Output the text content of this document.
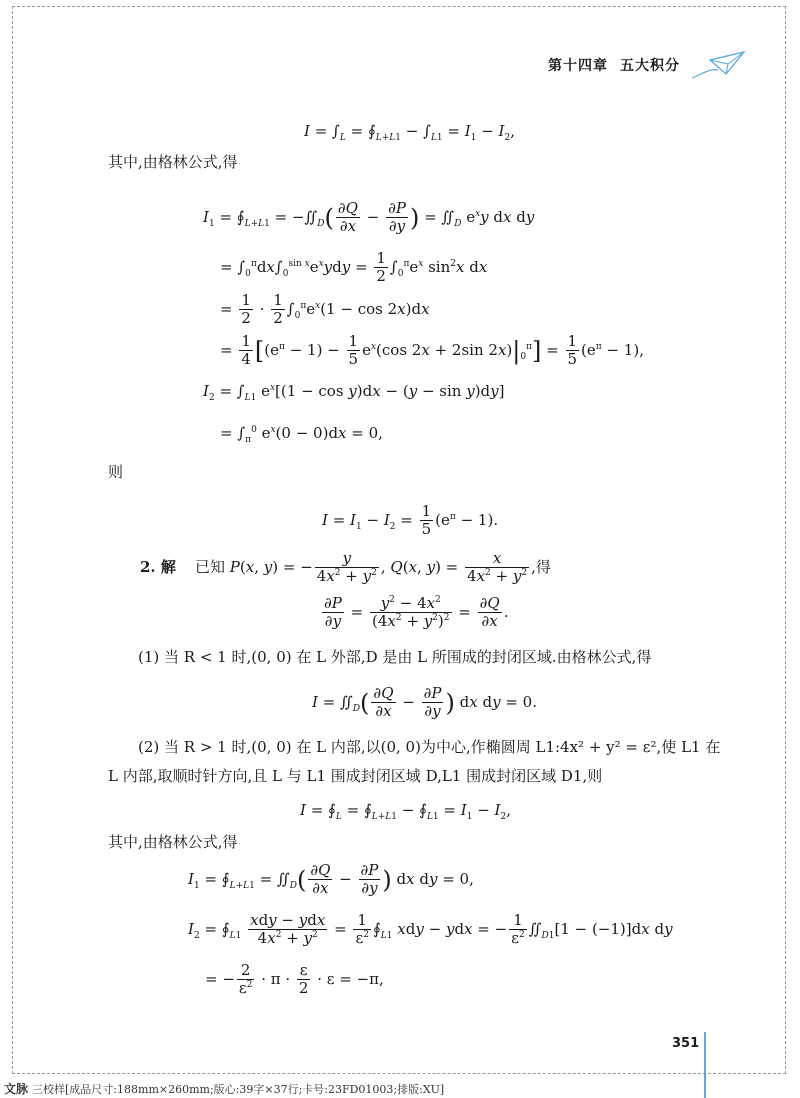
第十四章 五大积分
$I = \int_L$ = $∮_{L+L1} - \int_{L1} = I_1 - I_2$,
其中,由格林公式,得
$I_1$ = $∮_{L+L1}$ = $-∬_D( \frac{\partial Q}{\partial x} - \frac{\partial P}{\partial y}$ ) = $∬_D$ $e^xy$ dx dy
= $\int_0^\pi dx\int_0^{sin x}e^xydy = \frac{1}{2} \int_0^\pi e^x$ $\sin^2x$ dx
= $\frac{1}{2} \cdot \frac{1}{2} \int_0^\pi e^x(1 - \cos 2x)dx$
= $\frac{1}{4} [(e^\pi - 1) - \frac{1}{5} e^x(\cos$ 2x + 2sin $2x)|_0^\pi] = \frac{1}{5} (e^\pi - 1)$,
$I_2 = \int_{L1}$ $e^x[(1 - \cos y)dx - (y - \sin y)dy]$
= $\int_\pi^0$ $e^x(0 - 0)dx = 0$,
则
$I = I_1 - I_2 = \frac{1}{5} (e^\pi - 1)$.
2. 解 已知 P(x, y) = − $\frac{y}{4x^2 + y^2}$ , Q(x, $y) = \frac{x}{4x^2 + y^2}$ ,得
$\frac{\partial P}{\partial y} = \frac{y^2 - 4x^2}{(4x^2 + y^2)^2} = \frac{\partial Q}{\partial x}$ .
(1) 当 R < 1 时,(0, 0) 在 L 外部,D 是由 L 所围成的封闭区域.由格林公式,得
$I = ∬_D( \frac{\partial Q}{\partial x} - \frac{\partial P}{\partial y}$ ) dx dy = 0.
(2) 当 R > 1 时,(0, 0) 在 L 内部,以(0, 0)为中心,作椭圆周 L1:4x² + y² = ε²,使 L1 在
L 内部,取顺时针方向,且 L 与 L1 围成封闭区域 D,L1 围成封闭区域 D1,则
$I = ∮_L$ = $∮_{L+L1}$ − $∮_{L1} = I_1 - I_2$,
其中,由格林公式,得
$I_1$ = $∮_{L+L1}$ = $∬_D( \frac{\partial Q}{\partial x} - \frac{\partial P}{\partial y}$ ) dx dy = 0,
$I_2$ = $∮_{L1} \frac{\text{xdy − ydx}}{4x^2 + y^2} = \frac{1}{\varepsilon^2}$ $∮_{L1}$ xdy − ydx = − $\frac{1}{\varepsilon^2}$ $∬_{D1}[1 - (-1)]dx$ dy
= − $\frac{2}{\varepsilon^2} \cdot \pi \cdot \frac{\varepsilon}{2} \cdot \varepsilon = -\pi$,
351
文脉 三校样[成品尺寸:188mm×260mm;版心:39字×37行;卡号:23FD01003;排版:XU]
